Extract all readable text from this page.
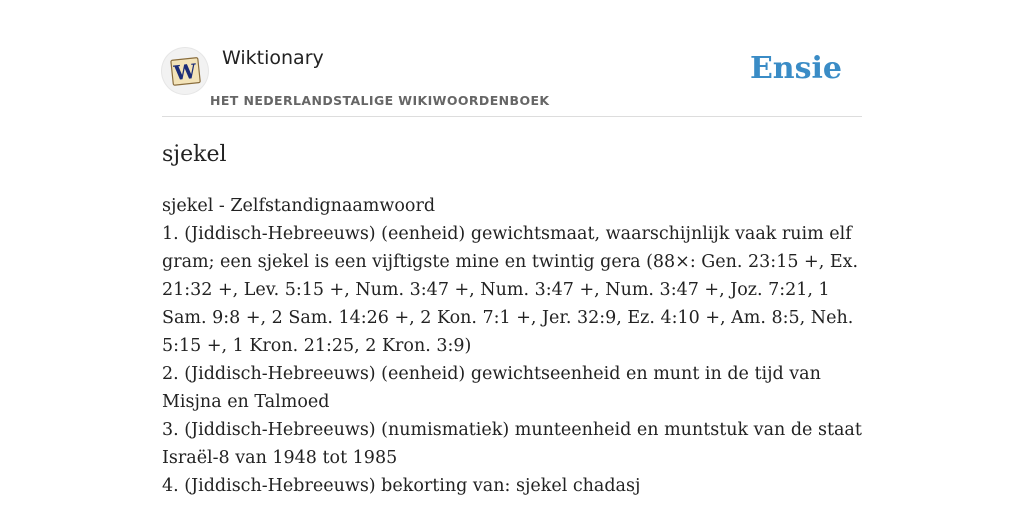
W
Wiktionary
HET NEDERLANDSTALIGE WIKIWOORDENBOEK
Ensie
sjekel

sjekel - Zelfstandignaamwoord

1. (Jiddisch-Hebreeuws) (eenheid) gewichtsmaat, waarschijnlijk vaak ruim elf gram; een sjekel is een vijftigste mine en twintig gera (88×: Gen. 23:15 +, Ex. 21:32 +, Lev. 5:15 +, Num. 3:47 +, Num. 3:47 +, Num. 3:47 +, Joz. 7:21, 1 Sam. 9:8 +, 2 Sam. 14:26 +, 2 Kon. 7:1 +, Jer. 32:9, Ez. 4:10 +, Am. 8:5, Neh. 5:15 +, 1 Kron. 21:25, 2 Kron. 3:9)

2. (Jiddisch-Hebreeuws) (eenheid) gewichtseenheid en munt in de tijd van Misjna en Talmoed

3. (Jiddisch-Hebreeuws) (numismatiek) munteenheid en muntstuk van de staat Israël-8 van 1948 tot 1985

4. (Jiddisch-Hebreeuws) bekorting van: sjekel chadasj
